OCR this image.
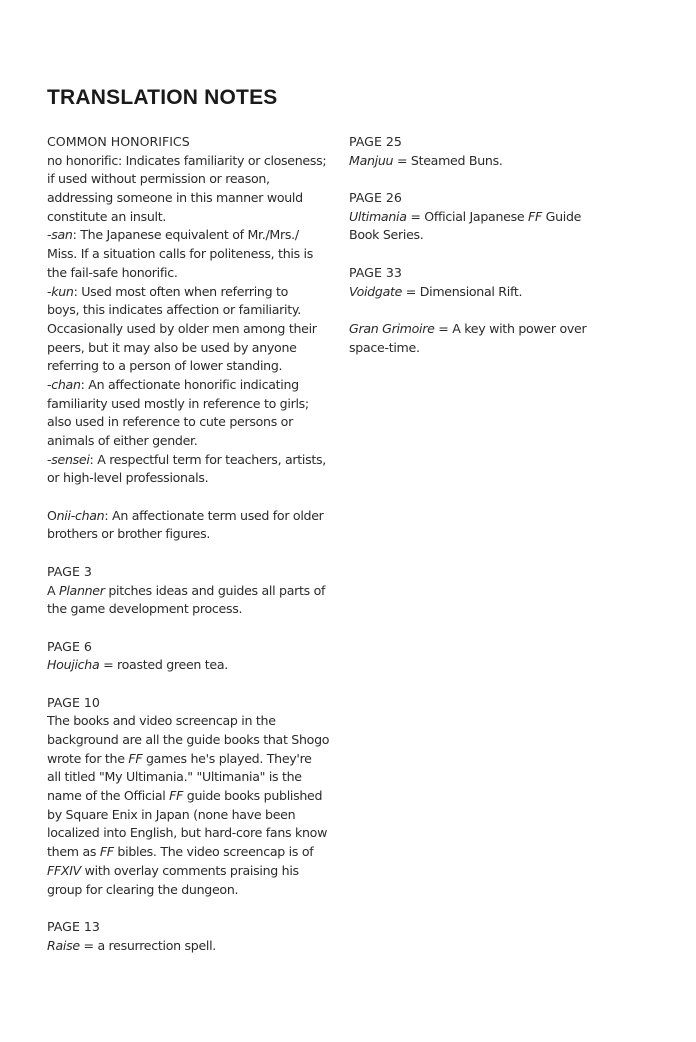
TRANSLATION NOTES
COMMON HONORIFICS
no honorific: Indicates familiarity or closeness;
if used without permission or reason,
addressing someone in this manner would
constitute an insult.
-san: The Japanese equivalent of Mr./Mrs./
Miss. If a situation calls for politeness, this is
the fail-safe honorific.
-kun: Used most often when referring to
boys, this indicates affection or familiarity.
Occasionally used by older men among their
peers, but it may also be used by anyone
referring to a person of lower standing.
-chan: An affectionate honorific indicating
familiarity used mostly in reference to girls;
also used in reference to cute persons or
animals of either gender.
-sensei: A respectful term for teachers, artists,
or high-level professionals.
Onii-chan: An affectionate term used for older
brothers or brother figures.
PAGE 3
A Planner pitches ideas and guides all parts of
the game development process.
PAGE 6
Houjicha = roasted green tea.
PAGE 10
The books and video screencap in the
background are all the guide books that Shogo
wrote for the FF games he's played. They're
all titled "My Ultimania." "Ultimania" is the
name of the Official FF guide books published
by Square Enix in Japan (none have been
localized into English, but hard-core fans know
them as FF bibles. The video screencap is of
FFXIV with overlay comments praising his
group for clearing the dungeon.
PAGE 13
Raise = a resurrection spell.
PAGE 25
Manjuu = Steamed Buns.
PAGE 26
Ultimania = Official Japanese FF Guide
Book Series.
PAGE 33
Voidgate = Dimensional Rift.
Gran Grimoire = A key with power over
space-time.
